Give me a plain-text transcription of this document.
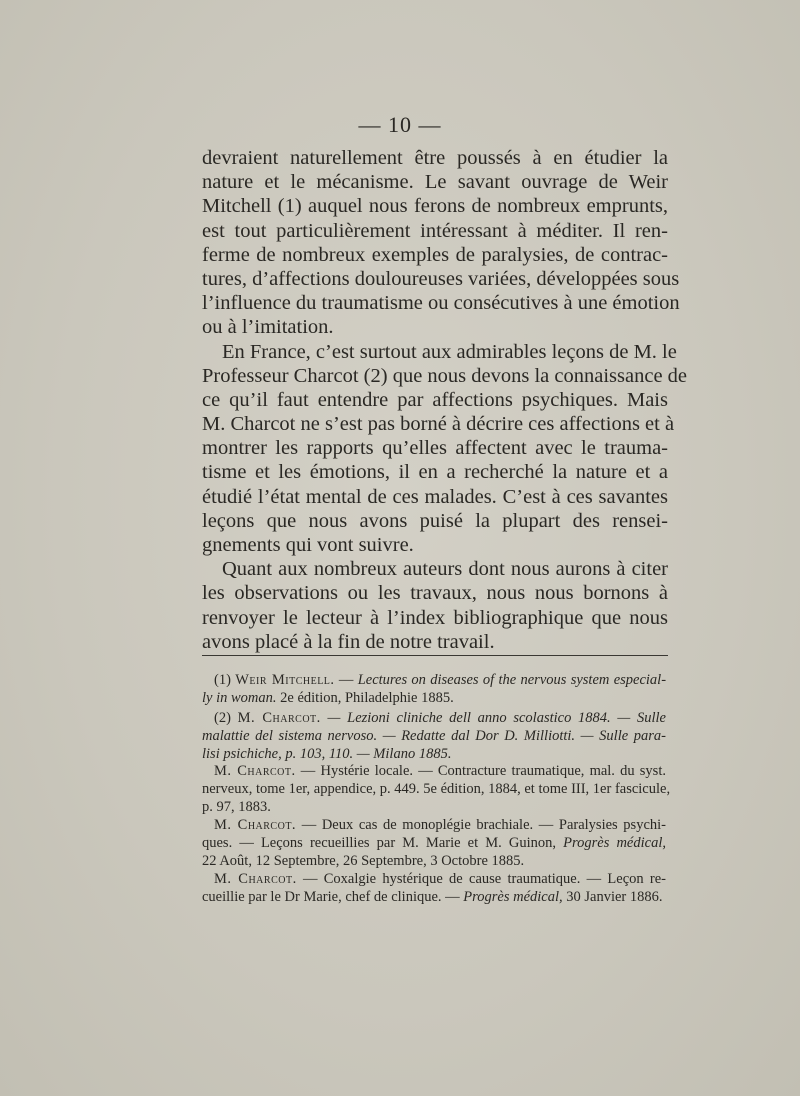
— 10 —
devraient naturellement être poussés à en étudier la
nature et le mécanisme. Le savant ouvrage de Weir
Mitchell (1) auquel nous ferons de nombreux emprunts,
est tout particulièrement intéressant à méditer. Il ren-
ferme de nombreux exemples de paralysies, de contrac-
tures, d’affections douloureuses variées, développées sous
l’influence du traumatisme ou consécutives à une émotion
ou à l’imitation.
En France, c’est surtout aux admirables leçons de M. le
Professeur Charcot (2) que nous devons la connaissance de
ce qu’il faut entendre par affections psychiques. Mais
M. Charcot ne s’est pas borné à décrire ces affections et à
montrer les rapports qu’elles affectent avec le trauma-
tisme et les émotions, il en a recherché la nature et a
étudié l’état mental de ces malades. C’est à ces savantes
leçons que nous avons puisé la plupart des rensei-
gnements qui vont suivre.
Quant aux nombreux auteurs dont nous aurons à citer
les observations ou les travaux, nous nous bornons à
renvoyer le lecteur à l’index bibliographique que nous
avons placé à la fin de notre travail.
(1) Weir Mitchell. — Lectures on diseases of the nervous system especial-
ly in woman. 2e édition, Philadelphie 1885.
(2) M. Charcot. — Lezioni cliniche dell anno scolastico 1884. — Sulle
malattie del sistema nervoso. — Redatte dal Dor D. Milliotti. — Sulle para-
lisi psichiche, p. 103, 110. — Milano 1885.
M. Charcot. — Hystérie locale. — Contracture traumatique, mal. du syst.
nerveux, tome 1er, appendice, p. 449. 5e édition, 1884, et tome III, 1er fascicule,
p. 97, 1883.
M. Charcot. — Deux cas de monoplégie brachiale. — Paralysies psychi-
ques. — Leçons recueillies par M. Marie et M. Guinon, Progrès médical,
22 Août, 12 Septembre, 26 Septembre, 3 Octobre 1885.
M. Charcot. — Coxalgie hystérique de cause traumatique. — Leçon re-
cueillie par le Dr Marie, chef de clinique. — Progrès médical, 30 Janvier 1886.
